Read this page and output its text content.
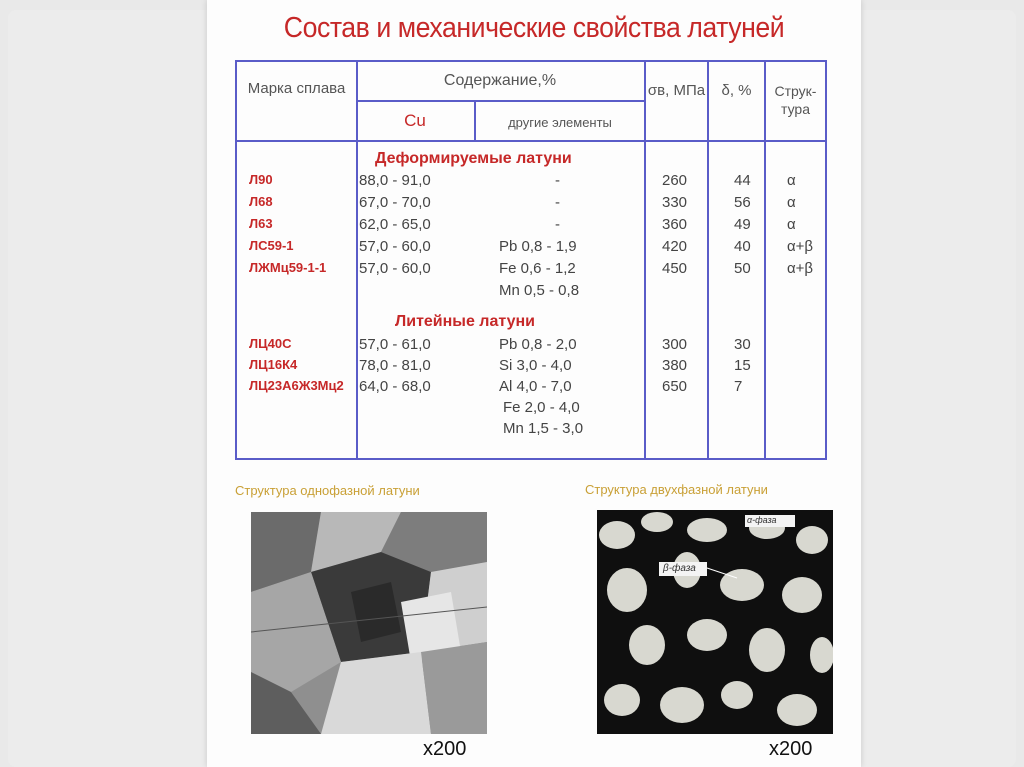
Состав и механические свойства латуней
Марка сплава	Содержание,%
Cu	другие элементы
σв, МПа	δ, %	Струк-тура
Деформируемые латуни
Л90	88,0 - 91,0	-	260	44 α
Л68	67,0 - 70,0	-	330	56 α
Л63	62,0 - 65,0	-	360	49 α
ЛС59-1	57,0 - 60,0	Pb 0,8 - 1,9	420	40 α+β
ЛЖМц59-1-1 57,0 - 60,0	Fe 0,6 - 1,2	450	50 α+β
Mn 0,5 - 0,8
Литейные латуни
ЛЦ40С	57,0 - 61,0	Pb 0,8 - 2,0	300	30
ЛЦ16К4	78,0 - 81,0	Si 3,0 - 4,0	380	15
ЛЦ23А6Ж3Мц2 64,0 - 68,0	Al 4,0 - 7,0	650	7
Fe 2,0 - 4,0
Mn 1,5 - 3,0
Структура однофазной латуни	Структура двухфазной латуни
α-фаза
β-фаза
x200	x200
